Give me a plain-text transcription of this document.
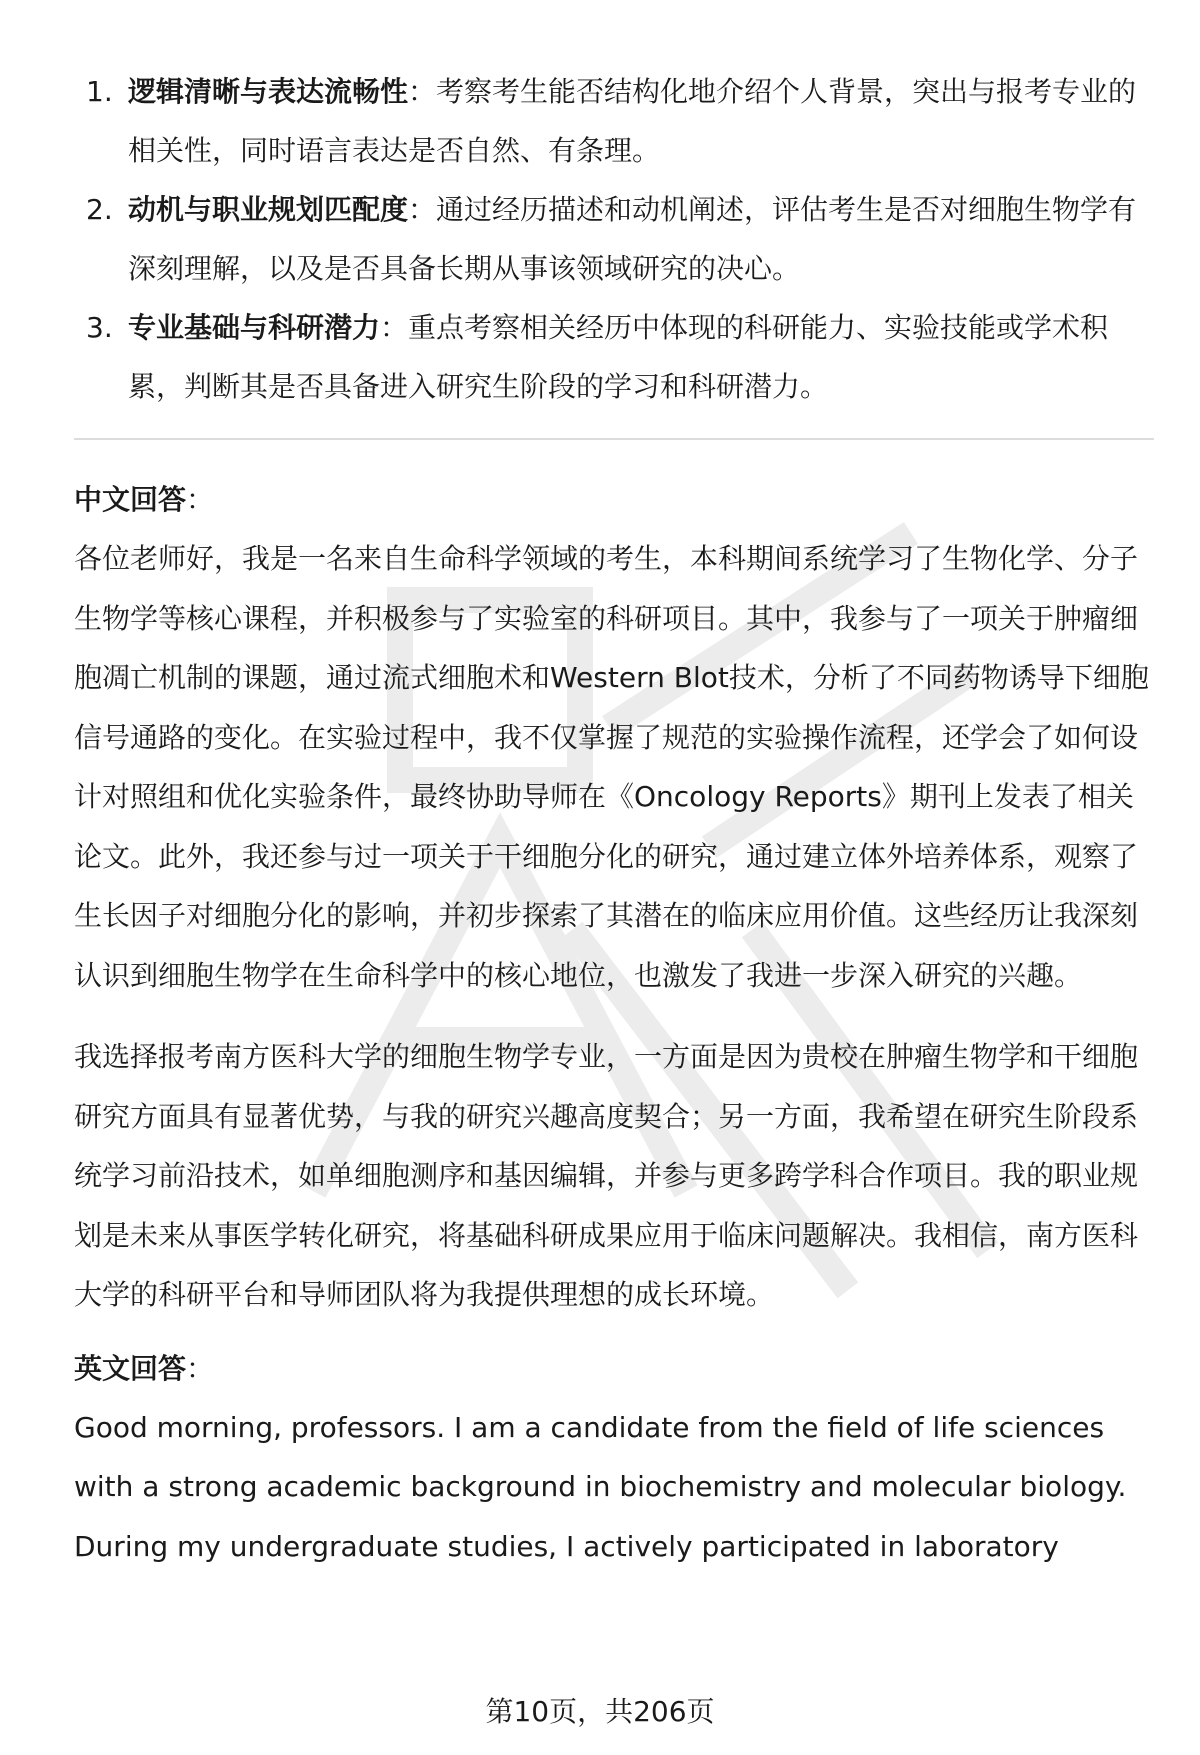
1. 逻辑清晰与表达流畅性：考察考生能否结构化地介绍个人背景，突出与报考专业的相关性，同时语言表达是否自然、有条理。
2. 动机与职业规划匹配度：通过经历描述和动机阐述，评估考生是否对细胞生物学有深刻理解，以及是否具备长期从事该领域研究的决心。
3. 专业基础与科研潜力：重点考察相关经历中体现的科研能力、实验技能或学术积累，判断其是否具备进入研究生阶段的学习和科研潜力。

中文回答：

各位老师好，我是一名来自生命科学领域的考生，本科期间系统学习了生物化学、分子生物学等核心课程，并积极参与了实验室的科研项目。其中，我参与了一项关于肿瘤细胞凋亡机制的课题，通过流式细胞术和Western Blot技术，分析了不同药物诱导下细胞信号通路的变化。在实验过程中，我不仅掌握了规范的实验操作流程，还学会了如何设计对照组和优化实验条件，最终协助导师在《Oncology Reports》期刊上发表了相关论文。此外，我还参与过一项关于干细胞分化的研究，通过建立体外培养体系，观察了生长因子对细胞分化的影响，并初步探索了其潜在的临床应用价值。这些经历让我深刻认识到细胞生物学在生命科学中的核心地位，也激发了我进一步深入研究的兴趣。

我选择报考南方医科大学的细胞生物学专业，一方面是因为贵校在肿瘤生物学和干细胞研究方面具有显著优势，与我的研究兴趣高度契合；另一方面，我希望在研究生阶段系统学习前沿技术，如单细胞测序和基因编辑，并参与更多跨学科合作项目。我的职业规划是未来从事医学转化研究，将基础科研成果应用于临床问题解决。我相信，南方医科大学的科研平台和导师团队将为我提供理想的成长环境。

英文回答：

Good morning, professors. I am a candidate from the field of life sciences
with a strong academic background in biochemistry and molecular biology.
During my undergraduate studies, I actively participated in laboratory
第10页，共206页
